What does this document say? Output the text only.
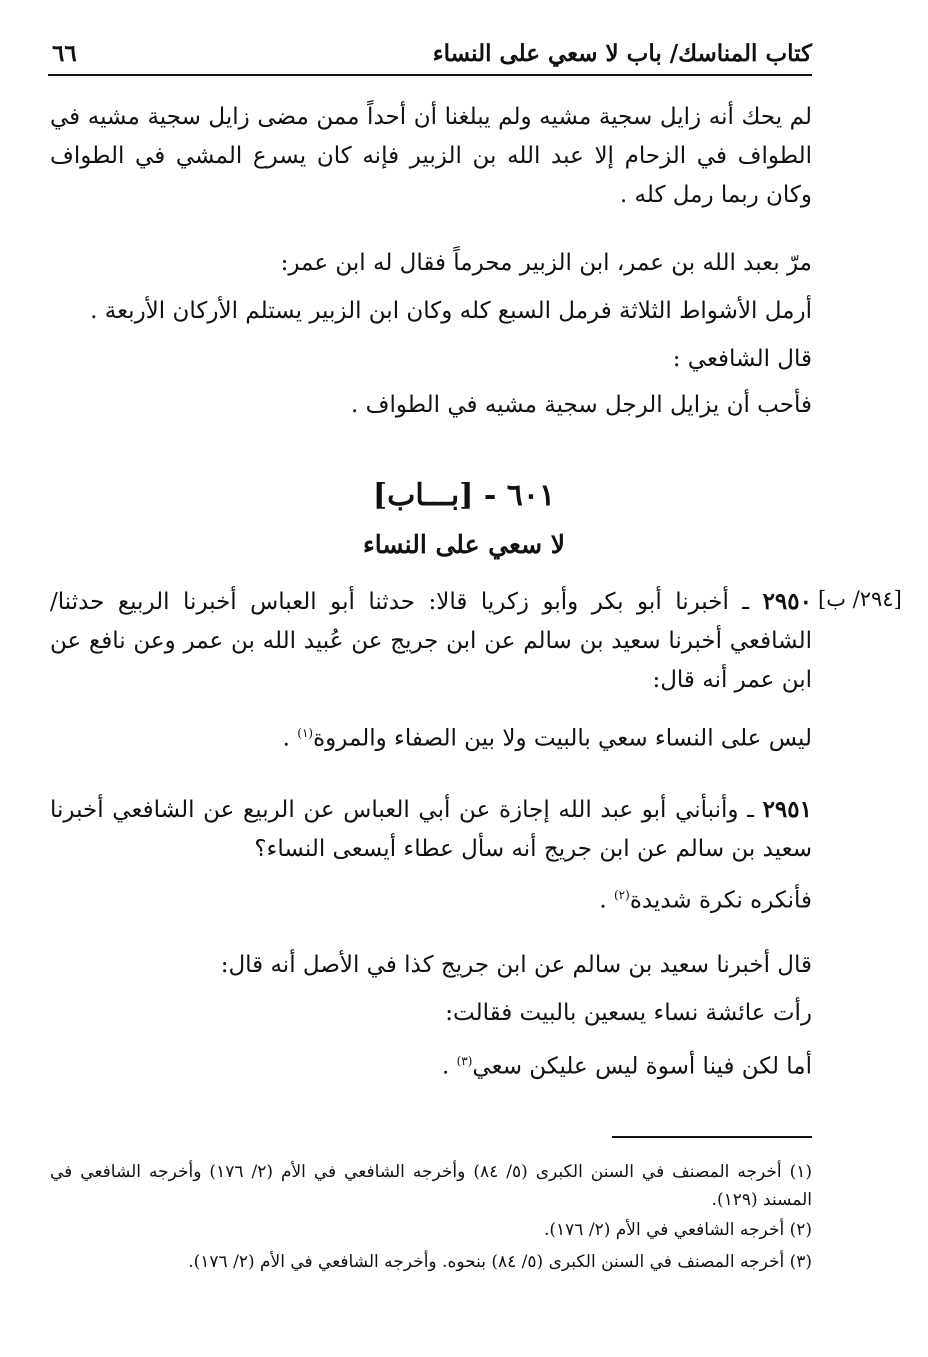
كتاب المناسك/ باب لا سعي على النساء
٦٦
لم يحك أنه زايل سجية مشيه ولم يبلغنا أن أحداً ممن مضى زايل سجية مشيه في الطواف في الزحام إلا عبد الله بن الزبير فإنه كان يسرع المشي في الطواف وكان ربما رمل كله .
مرّ بعبد الله بن عمر، ابن الزبير محرماً فقال له ابن عمر:
أرمل الأشواط الثلاثة فرمل السبع كله وكان ابن الزبير يستلم الأركان الأربعة .
قال الشافعي :
فأحب أن يزايل الرجل سجية مشيه في الطواف .
٦٠١ - [بـــاب]
لا سعي على النساء
[٢٩٤/ ب]
٢٩٥٠ ـ أخبرنا أبو بكر وأبو زكريا قالا: حدثنا أبو العباس أخبرنا الربيع حدثنا/ الشافعي أخبرنا سعيد بن سالم عن ابن جريج عن عُبيد الله بن عمر وعن نافع عن ابن عمر أنه قال:
ليس على النساء سعي بالبيت ولا بين الصفاء والمروة$^{(١)}$ .
٢٩٥١ ـ وأنبأني أبو عبد الله إجازة عن أبي العباس عن الربيع عن الشافعي أخبرنا سعيد بن سالم عن ابن جريج أنه سأل عطاء أيسعى النساء؟
فأنكره نكرة شديدة$^{(٢)}$ .
قال أخبرنا سعيد بن سالم عن ابن جريج كذا في الأصل أنه قال:
رأت عائشة نساء يسعين بالبيت فقالت:
أما لكن فينا أسوة ليس عليكن سعي$^{(٣)}$ .
(١) أخرجه المصنف في السنن الكبرى (٥/ ٨٤) وأخرجه الشافعي في الأم (٢/ ١٧٦) وأخرجه الشافعي في المسند (١٢٩).
(٢) أخرجه الشافعي في الأم (٢/ ١٧٦).
(٣) أخرجه المصنف في السنن الكبرى (٥/ ٨٤) بنحوه. وأخرجه الشافعي في الأم (٢/ ١٧٦).
